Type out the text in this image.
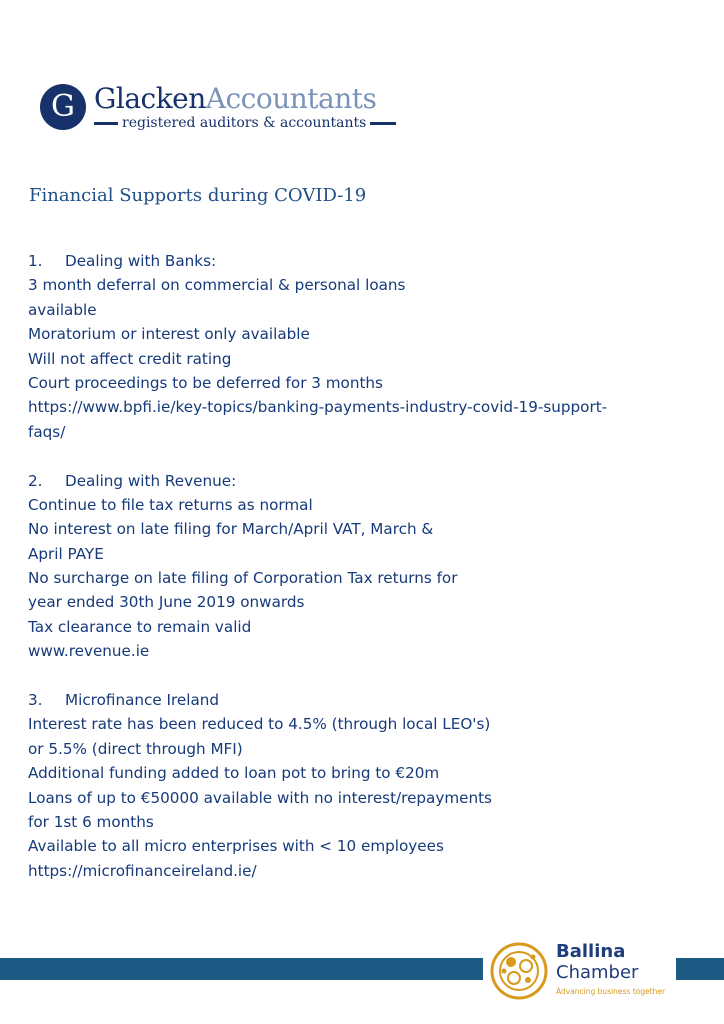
G GlackenAccountants
registered auditors & accountants
Financial Supports during COVID-19
1. Dealing with Banks:
3 month deferral on commercial & personal loans
available
Moratorium or interest only available
Will not affect credit rating
Court proceedings to be deferred for 3 months
https://www.bpfi.ie/key-topics/banking-payments-industry-covid-19-support-
faqs/
2. Dealing with Revenue:
Continue to file tax returns as normal
No interest on late filing for March/April VAT, March &
April PAYE
No surcharge on late filing of Corporation Tax returns for
year ended 30th June 2019 onwards
Tax clearance to remain valid
www.revenue.ie
3. Microfinance Ireland
Interest rate has been reduced to 4.5% (through local LEO's)
or 5.5% (direct through MFI)
Additional funding added to loan pot to bring to €20m
Loans of up to €50000 available with no interest/repayments
for 1st 6 months
Available to all micro enterprises with < 10 employees
https://microfinanceireland.ie/
Ballina
Chamber
Advancing business together
